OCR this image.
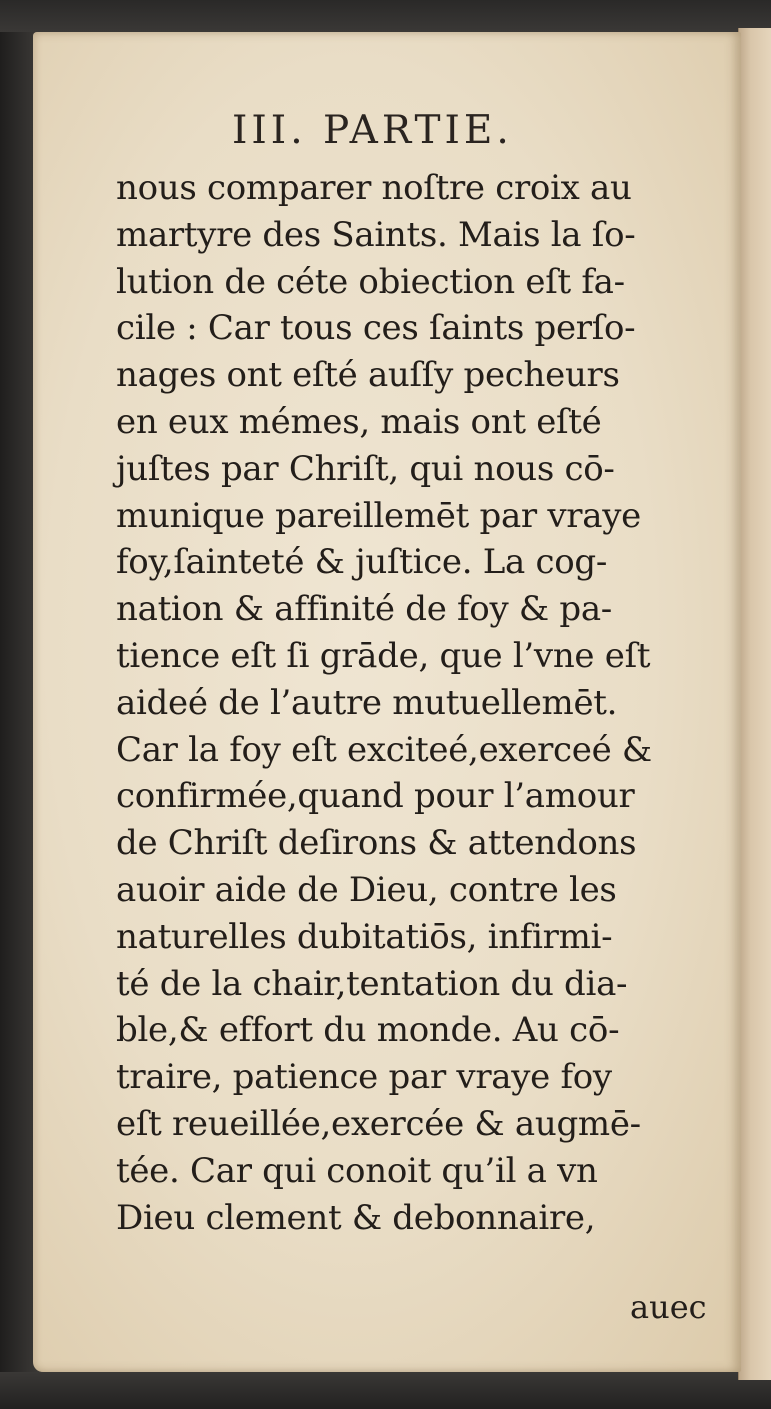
III. PARTIE.
nous comparer noſtre croix au
martyre des Saints. Mais la ſo-
lution de céte obiection eſt fa-
cile : Car tous ces ſaints perſo-
nages ont eſté auſſy pecheurs
en eux mémes, mais ont eſté
juſtes par Chriſt, qui nous cō-
munique pareillemēt par vraye
foy,ſainteté & juſtice. La cog-
nation & affinité de foy & pa-
tience eſt ſi grāde, que l’vne eſt
aideé de l’autre mutuellemēt.
Car la foy eſt exciteé,exerceé &
confirmée,quand pour l’amour
de Chriſt deſirons & attendons
auoir aide de Dieu, contre les
naturelles dubitatiōs, infirmi-
té de la chair,tentation du dia-
ble,& effort du monde. Au cō-
traire, patience par vraye foy
eſt reueillée,exercée & augmē-
tée. Car qui conoit qu’il a vn
Dieu clement & debonnaire,
auec
